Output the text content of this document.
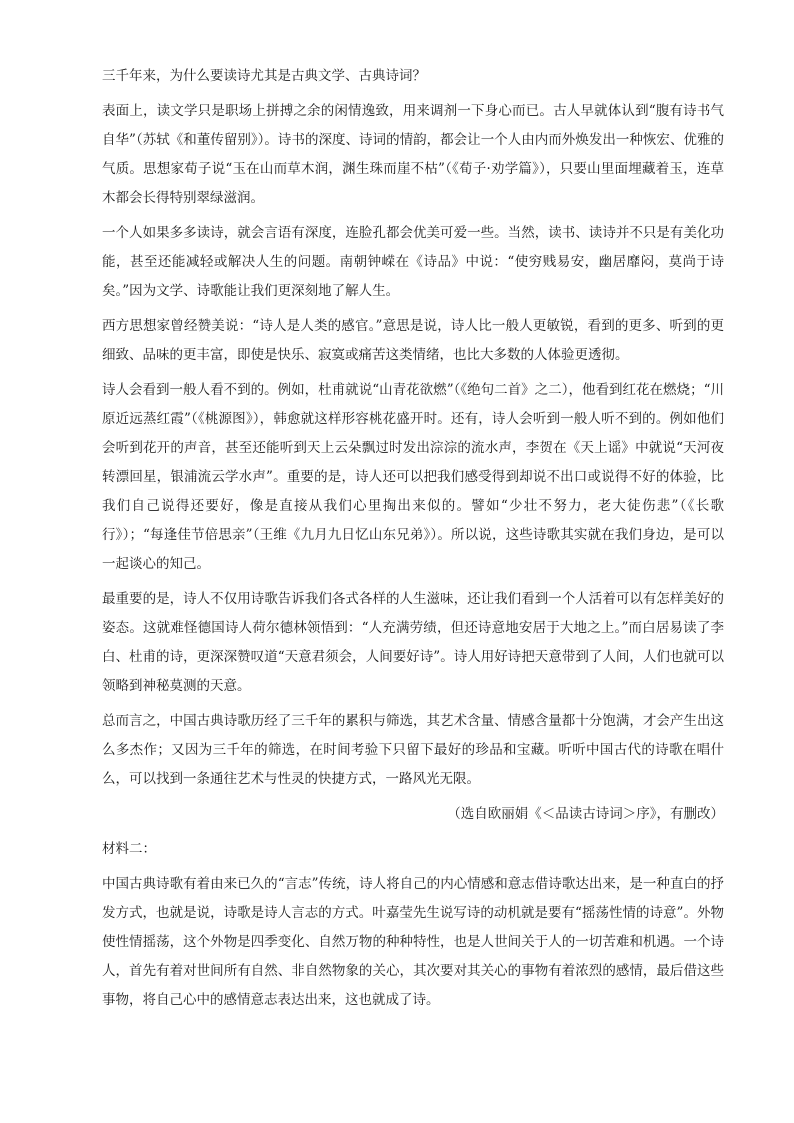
三千年来，为什么要读诗尤其是古典文学、古典诗词？

表面上，读文学只是职场上拼搏之余的闲情逸致，用来调剂一下身心而已。古人早就体认到“腹有诗书气自华”（苏轼《和董传留别》）。诗书的深度、诗词的情韵，都会让一个人由内而外焕发出一种恢宏、优雅的气质。思想家荀子说“玉在山而草木润，渊生珠而崖不枯”（《荀子·劝学篇》），只要山里面埋藏着玉，连草木都会长得特别翠绿滋润。

一个人如果多多读诗，就会言语有深度，连脸孔都会优美可爱一些。当然，读书、读诗并不只是有美化功能，甚至还能减轻或解决人生的问题。南朝钟嵘在《诗品》中说：“使穷贱易安，幽居靡闷，莫尚于诗矣。”因为文学、诗歌能让我们更深刻地了解人生。

西方思想家曾经赞美说：“诗人是人类的感官。”意思是说，诗人比一般人更敏锐，看到的更多、听到的更细致、品味的更丰富，即使是快乐、寂寞或痛苦这类情绪，也比大多数的人体验更透彻。

诗人会看到一般人看不到的。例如，杜甫就说“山青花欲燃”（《绝句二首》之二），他看到红花在燃烧；“川原近远蒸红霞”（《桃源图》），韩愈就这样形容桃花盛开时。还有，诗人会听到一般人听不到的。例如他们会听到花开的声音，甚至还能听到天上云朵飘过时发出淙淙的流水声，李贺在《天上谣》中就说“天河夜转漂回星，银浦流云学水声”。重要的是，诗人还可以把我们感受得到却说不出口或说得不好的体验，比我们自己说得还要好，像是直接从我们心里掏出来似的。譬如“少壮不努力，老大徒伤悲”（《长歌行》）；“每逢佳节倍思亲”（王维《九月九日忆山东兄弟》）。所以说，这些诗歌其实就在我们身边，是可以一起谈心的知己。

最重要的是，诗人不仅用诗歌告诉我们各式各样的人生滋味，还让我们看到一个人活着可以有怎样美好的姿态。这就难怪德国诗人荷尔德林领悟到：“人充满劳绩，但还诗意地安居于大地之上。”而白居易读了李白、杜甫的诗，更深深赞叹道“天意君须会，人间要好诗”。诗人用好诗把天意带到了人间，人们也就可以领略到神秘莫测的天意。

总而言之，中国古典诗歌历经了三千年的累积与筛选，其艺术含量、情感含量都十分饱满，才会产生出这么多杰作；又因为三千年的筛选，在时间考验下只留下最好的珍品和宝藏。听听中国古代的诗歌在唱什么，可以找到一条通往艺术与性灵的快捷方式，一路风光无限。

（选自欧丽娟《＜品读古诗词＞序》，有删改）

材料二：

中国古典诗歌有着由来已久的“言志”传统，诗人将自己的内心情感和意志借诗歌达出来，是一种直白的抒发方式，也就是说，诗歌是诗人言志的方式。叶嘉莹先生说写诗的动机就是要有“摇荡性情的诗意”。外物使性情摇荡，这个外物是四季变化、自然万物的种种特性，也是人世间关于人的一切苦难和机遇。一个诗人，首先有着对世间所有自然、非自然物象的关心，其次要对其关心的事物有着浓烈的感情，最后借这些事物，将自己心中的感情意志表达出来，这也就成了诗。
